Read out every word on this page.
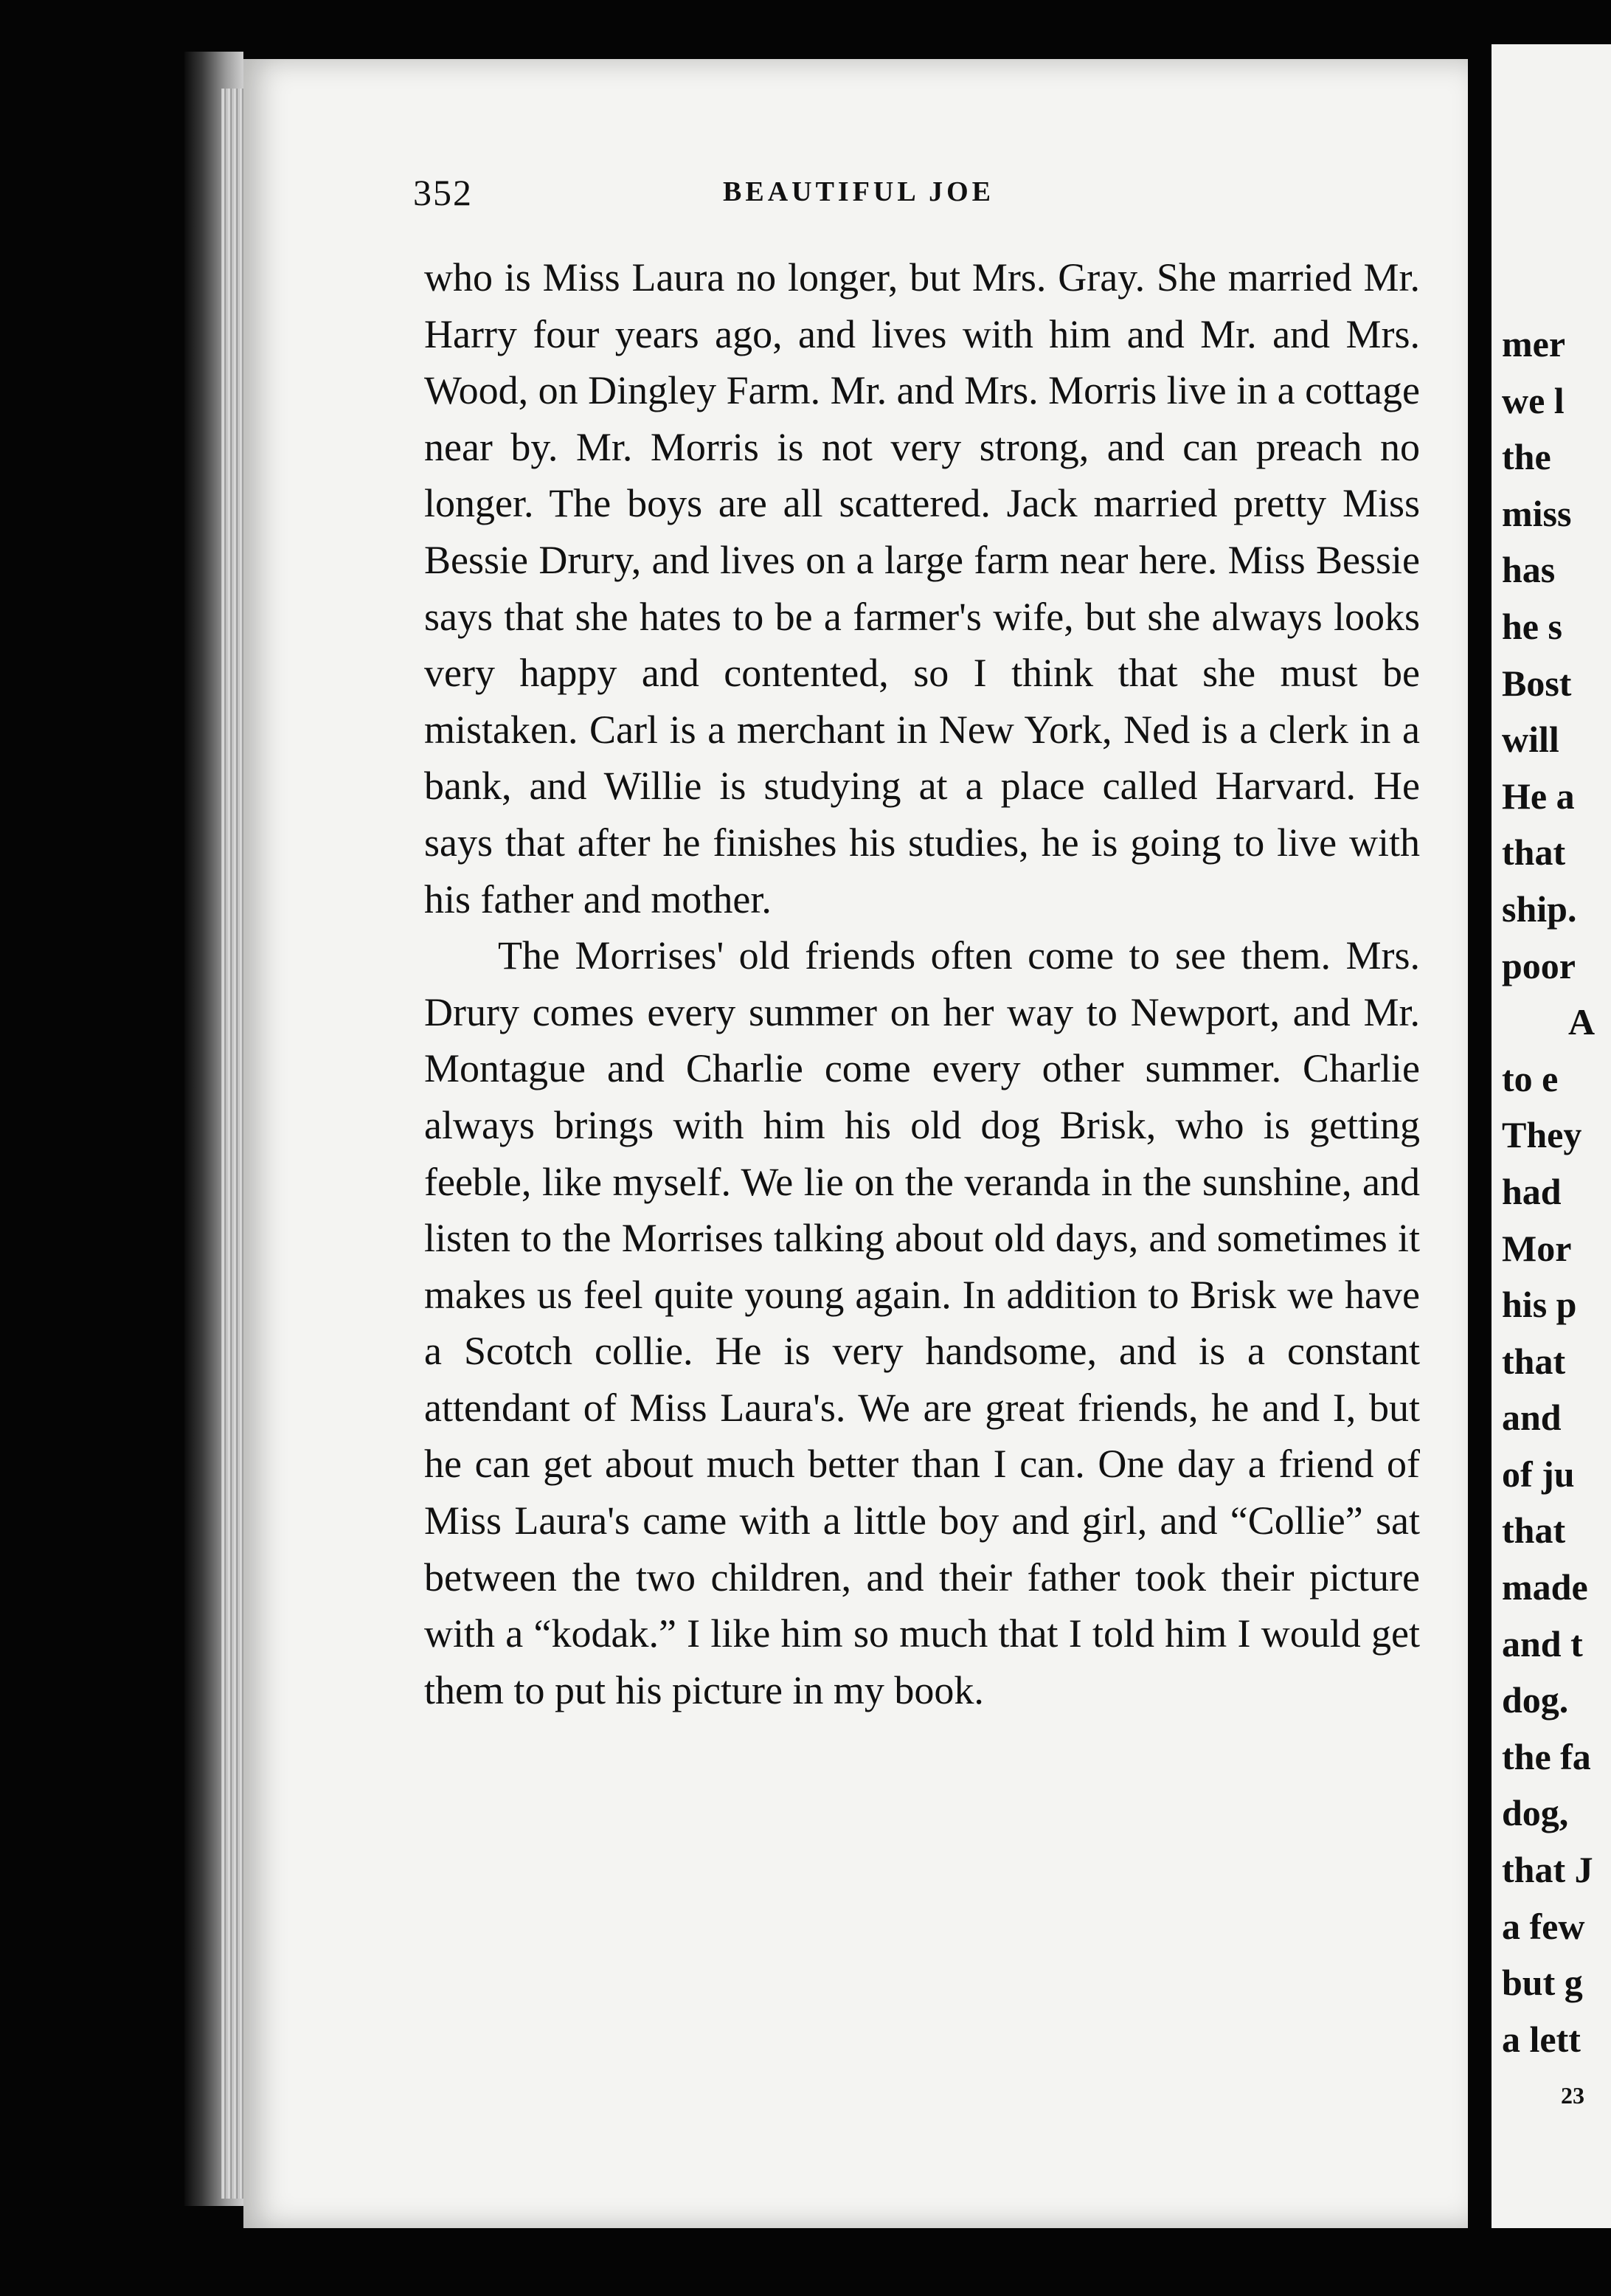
352	BEAUTIFUL JOE

who is Miss Laura no longer, but Mrs. Gray. She married Mr. Harry four years ago, and lives with him and Mr. and Mrs. Wood, on Dingley Farm. Mr. and Mrs. Morris live in a cottage near by. Mr. Morris is not very strong, and can preach no longer. The boys are all scattered. Jack married pretty Miss Bessie Drury, and lives on a large farm near here. Miss Bessie says that she hates to be a farmer's wife, but she always looks very happy and contented, so I think that she must be mistaken. Carl is a merchant in New York, Ned is a clerk in a bank, and Willie is studying at a place called Harvard. He says that after he finishes his studies, he is going to live with his father and mother.

The Morrises' old friends often come to see them. Mrs. Drury comes every summer on her way to Newport, and Mr. Montague and Charlie come every other summer. Charlie always brings with him his old dog Brisk, who is getting feeble, like myself. We lie on the veranda in the sunshine, and listen to the Morrises talking about old days, and sometimes it makes us feel quite young again. In addition to Brisk we have a Scotch collie. He is very handsome, and is a constant attendant of Miss Laura's. We are great friends, he and I, but he can get about much better than I can. One day a friend of Miss Laura's came with a little boy and girl, and “Collie” sat between the two children, and their father took their picture with a “kodak.” I like him so much that I told him I would get them to put his picture in my book.

mer
we l
the
miss
has
he s
Bost
will
He a
that
ship.
poor
A
to e
They
had
Mor
his p
that
and
of ju
that
made
and t
dog.
the fa
dog,
that J
a few
but g
a lett
23
